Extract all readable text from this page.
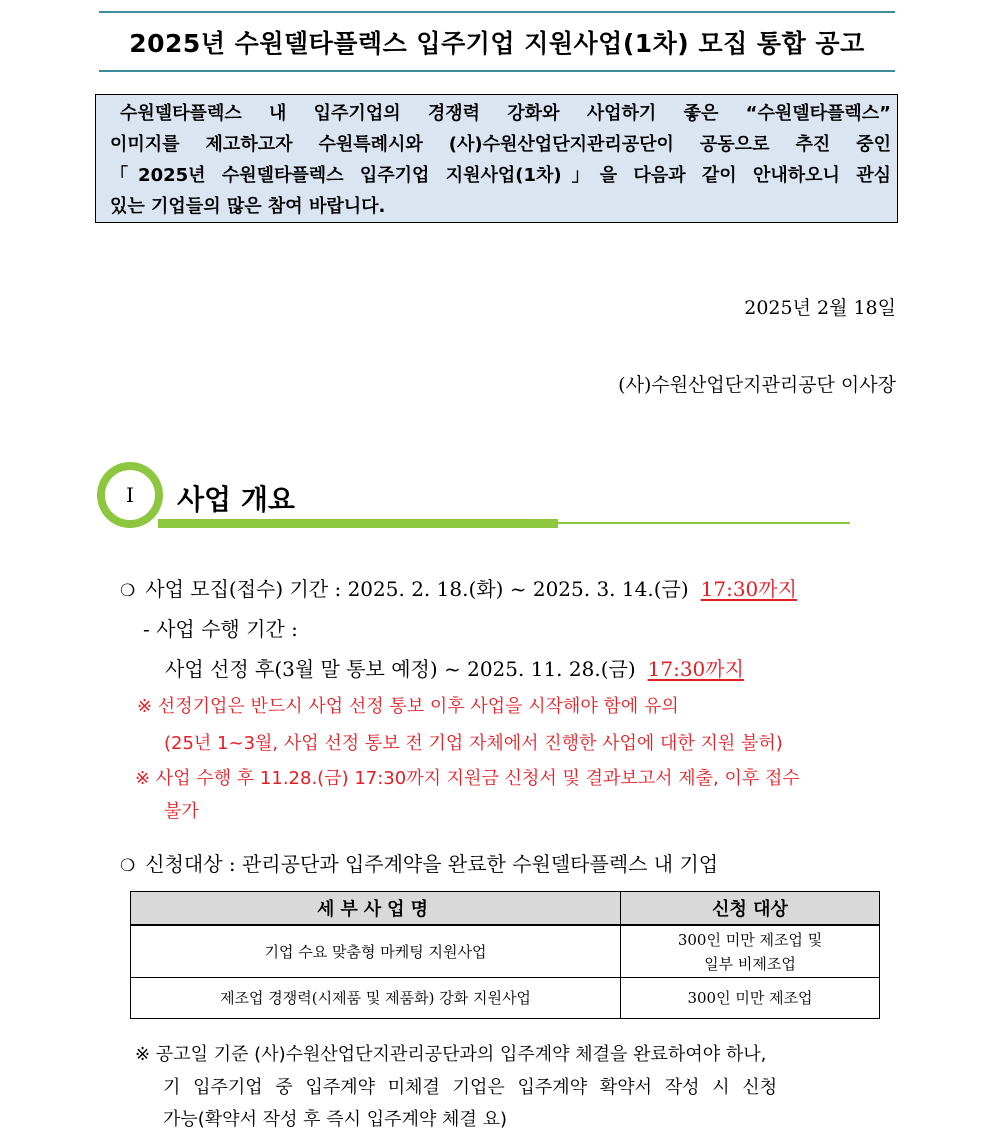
2025년 수원델타플렉스 입주기업 지원사업(1차) 모집 통합 공고
수원델타플렉스 내 입주기업의 경쟁력 강화와 사업하기 좋은 “수원델타플렉스”
이미지를 제고하고자 수원특례시와 (사)수원산업단지관리공단이 공동으로 추진 중인
「2025년 수원델타플렉스 입주기업 지원사업(1차)」을 다음과 같이 안내하오니 관심
있는 기업들의 많은 참여 바랍니다.
2025년 2월 18일
(사)수원산업단지관리공단 이사장
Ⅰ	사업 개요
❍ 사업 모집(접수) 기간 : 2025. 2. 18.(화) ~ 2025. 3. 14.(금) 17:30까지
- 사업 수행 기간 :
사업 선정 후(3월 말 통보 예정) ~ 2025. 11. 28.(금) 17:30까지
※ 선정기업은 반드시 사업 선정 통보 이후 사업을 시작해야 함에 유의
(25년 1~3월, 사업 선정 통보 전 기업 자체에서 진행한 사업에 대한 지원 불허)
※ 사업 수행 후 11.28.(금) 17:30까지 지원금 신청서 및 결과보고서 제출, 이후 접수
불가
❍ 신청대상 : 관리공단과 입주계약을 완료한 수원델타플렉스 내 기업
세부사업명	신청 대상
기업 수요 맞춤형 마케팅 지원사업	300인 미만 제조업 및
일부 비제조업

제조업 경쟁력(시제품 및 제품화) 강화 지원사업	300인 미만 제조업
※ 공고일 기준 (사)수원산업단지관리공단과의 입주계약 체결을 완료하여야 하나,
기 입주기업 중 입주계약 미체결 기업은 입주계약 확약서 작성 시 신청
가능(확약서 작성 후 즉시 입주계약 체결 요)
